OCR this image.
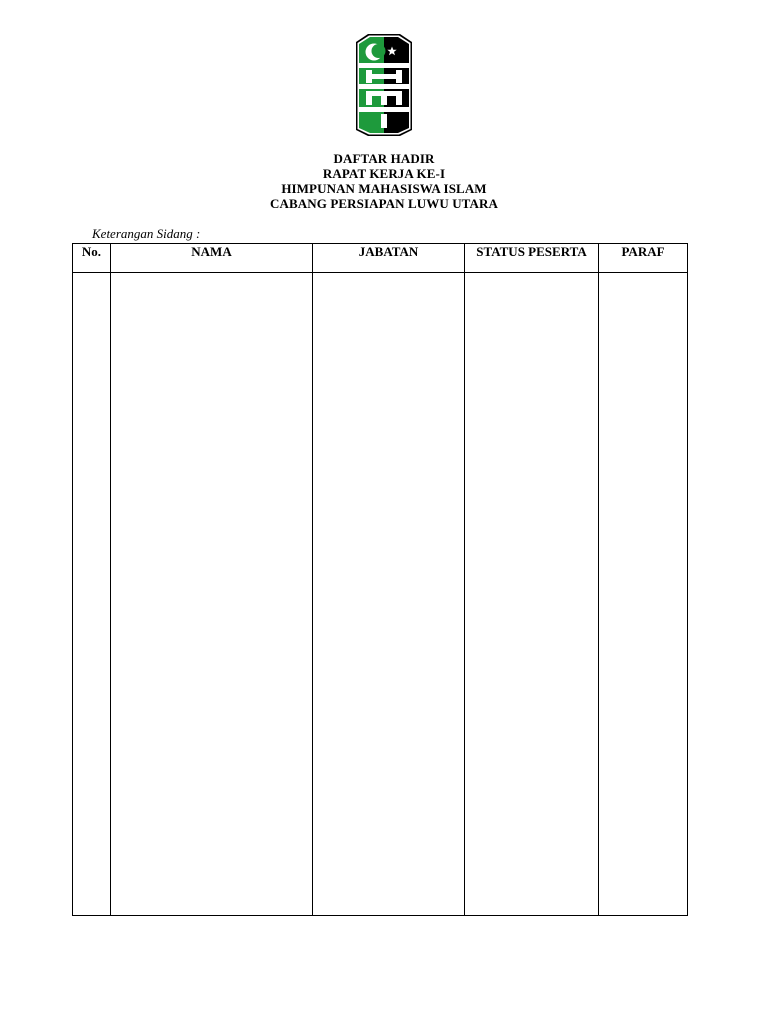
DAFTAR HADIR
RAPAT KERJA KE-I
HIMPUNAN MAHASISWA ISLAM
CABANG PERSIAPAN LUWU UTARA
Keterangan Sidang :
No.	NAMA	JABATAN	STATUS PESERTA	PARAF
